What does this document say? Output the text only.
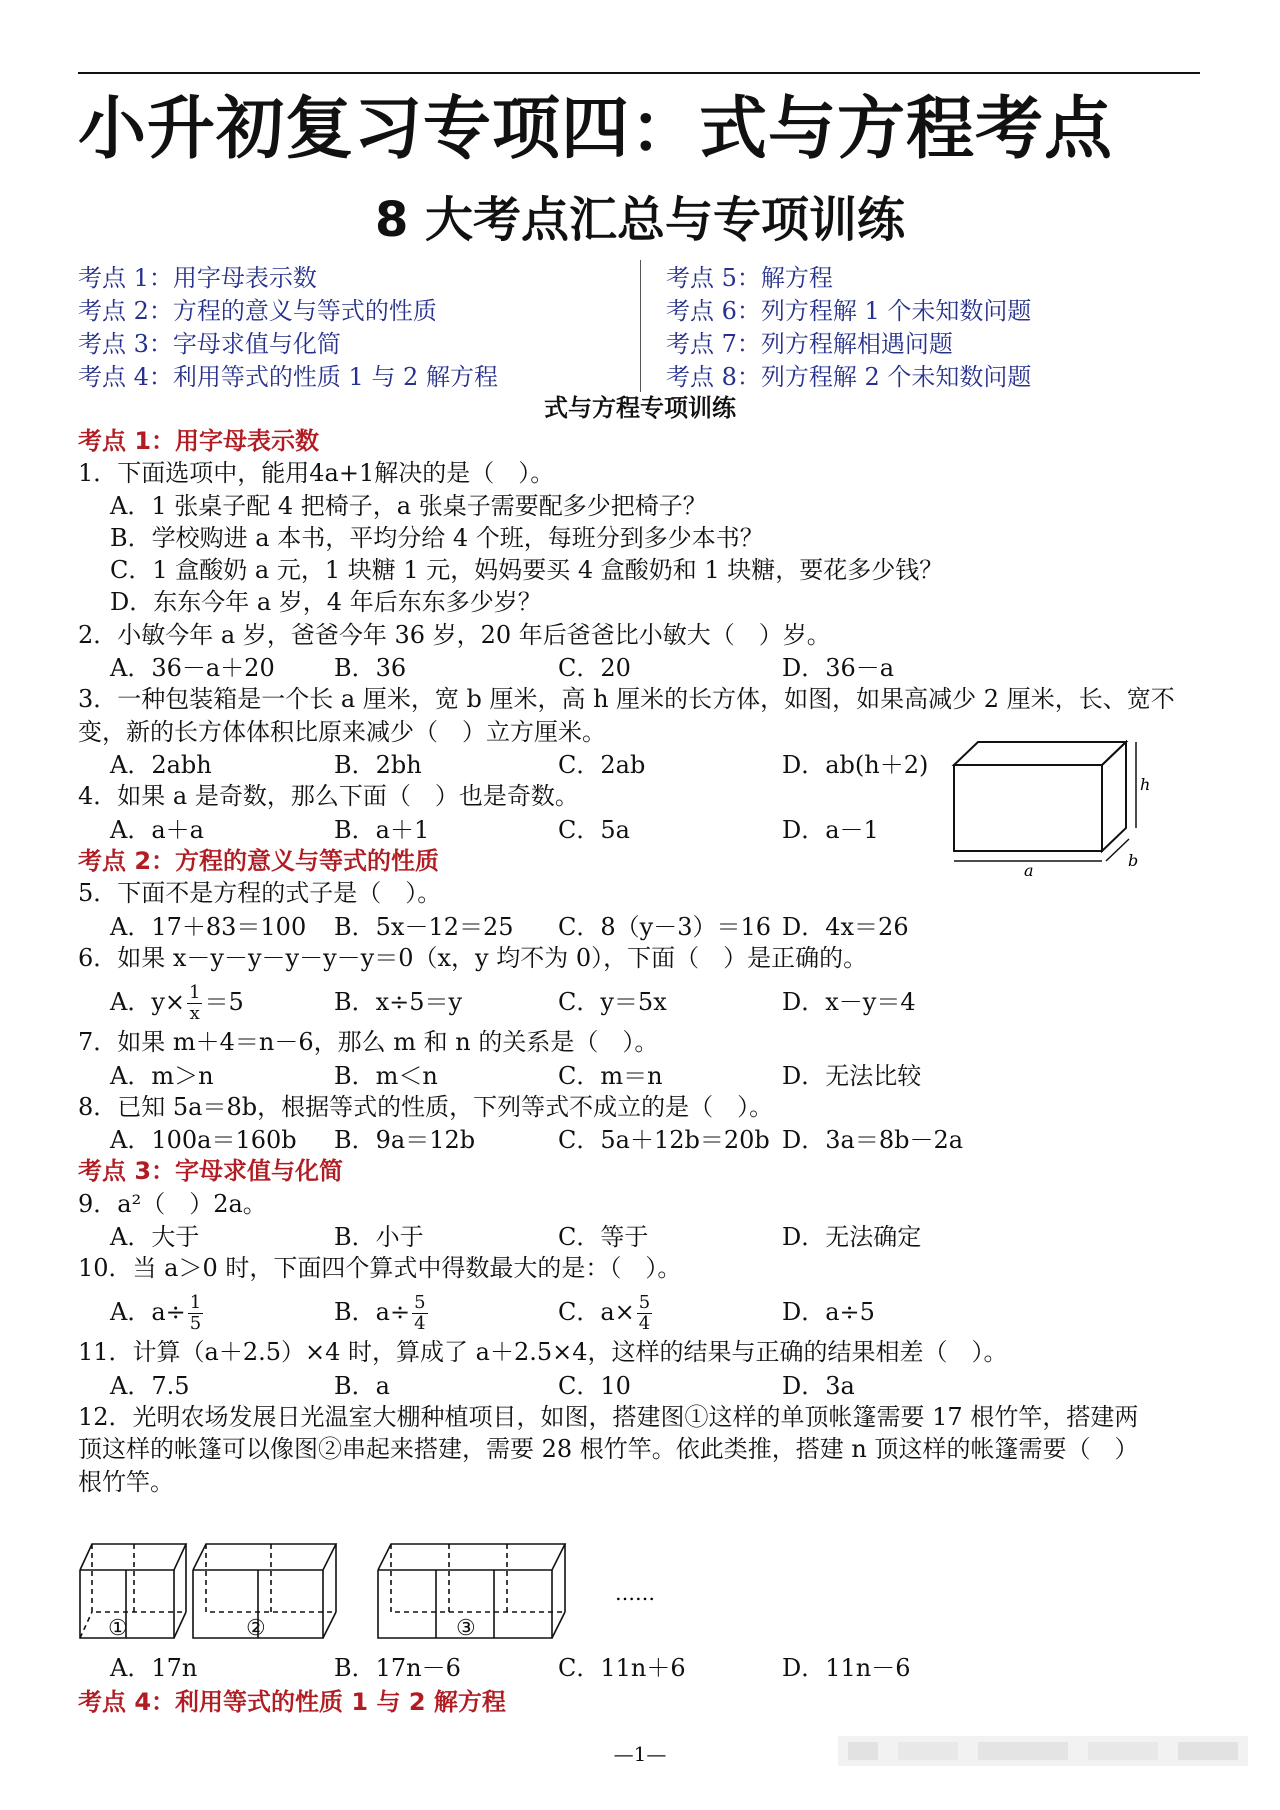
小升初复习专项四：式与方程考点
8 大考点汇总与专项训练
考点 1：用字母表示数
考点 2：方程的意义与等式的性质
考点 3：字母求值与化简
考点 4：利用等式的性质 1 与 2 解方程
考点 5：解方程
考点 6：列方程解 1 个未知数问题
考点 7：列方程解相遇问题
考点 8：列方程解 2 个未知数问题
式与方程专项训练
考点 1：用字母表示数
1．下面选项中，能用4a+1解决的是（　）。
A．1 张桌子配 4 把椅子，a 张桌子需要配多少把椅子？
B．学校购进 a 本书，平均分给 4 个班，每班分到多少本书？
C．1 盒酸奶 a 元，1 块糖 1 元，妈妈要买 4 盒酸奶和 1 块糖，要花多少钱？
D．东东今年 a 岁，4 年后东东多少岁？
2．小敏今年 a 岁，爸爸今年 36 岁，20 年后爸爸比小敏大（　）岁。
A．36－a＋20 B．36	C．20	D．36－a
3．一种包装箱是一个长 a 厘米，宽 b 厘米，高 h 厘米的长方体，如图，如果高减少 2 厘米，长、宽不
变，新的长方体体积比原来减少（　）立方厘米。
A．2abh	B．2bh	C．2ab	D．ab(h＋2)
4．如果 a 是奇数，那么下面（　）也是奇数。
A．a＋a	B．a＋1	C．5a	D．a－1
考点 2：方程的意义与等式的性质
5．下面不是方程的式子是（　）。
A．17＋83＝100 B．5x－12＝25 C．8（y－3）＝16 D．4x＝26
6．如果 x－y－y－y－y－y＝0（x，y 均不为 0），下面（　）是正确的。
A．$y\times \frac{1}{x} =5$	B．x÷5＝y	C．y＝5x	D．x－y＝4
7．如果 m＋4＝n－6，那么 m 和 n 的关系是（　）。
A．m＞n	B．m＜n	C．m＝n	D．无法比较
8．已知 5a＝8b，根据等式的性质，下列等式不成立的是（　）。
A．100a＝160b B．9a＝12b	C．5a＋12b＝20b D．3a＝8b－2a
考点 3：字母求值与化简
9．a²（　）2a。
A．大于	B．小于	C．等于	D．无法确定
10．当 a＞0 时，下面四个算式中得数最大的是：（　）。
A．$a\div \frac{1}{5}$	B．$a\div \frac{5}{4}$	C．$a\times \frac{5}{4}$	D．a÷5
11．计算（a＋2.5）×4 时，算成了 a＋2.5×4，这样的结果与正确的结果相差（　）。
A．7.5	B．a	C．10	D．3a
12．光明农场发展日光温室大棚种植项目，如图，搭建图①这样的单顶帐篷需要 17 根竹竿，搭建两
顶这样的帐篷可以像图②串起来搭建，需要 28 根竹竿。依此类推，搭建 n 顶这样的帐篷需要（　）
根竹竿。
h
a
b
……
①	②	③
A．17n	B．17n－6	C．11n＋6	D．11n－6
考点 4：利用等式的性质 1 与 2 解方程
—1—
